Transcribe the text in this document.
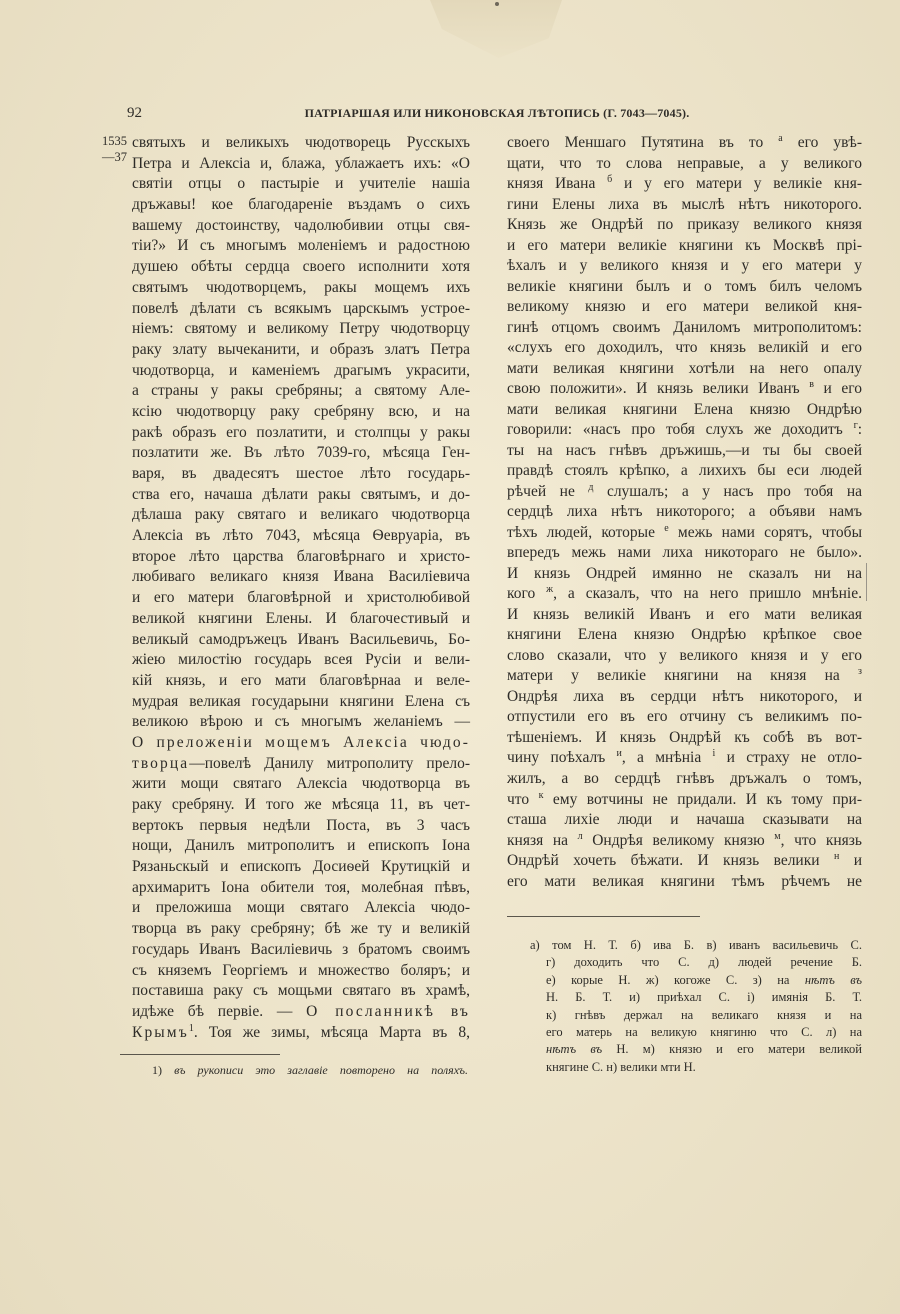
92	ПАТРІАРШАЯ ИЛИ НИКОНОВСКАЯ ЛѢТОПИСЬ (Г. 7043—7045).
1535
—37
святыхъ и великыхъ чюдотворець Русскыхъ
Петра и Алексіа и, блажа, ублажаетъ ихъ: «О
святіи отцы о пастыріе и учителіе нашіа
дръжавы! кое благодареніе въздамъ о сихъ
вашему достоинству, чадолюбивии отцы свя-
тіи?» И съ многымъ моленіемъ и радостною
душею обѣты сердца своего исполнити хотя
святымъ чюдотворцемъ, ракы мощемъ ихъ
повелѣ дѣлати съ всякымъ царскымъ устрое-
ніемъ: святому и великому Петру чюдотворцу
раку злату вычеканити, и образъ златъ Петра
чюдотворца, и каменіемъ драгымъ украсити,
а страны у ракы сребряны; а святому Але-
ксію чюдотворцу раку сребряну всю, и на
ракѣ образъ его позлатити, и столпцы у ракы
позлатити же. Въ лѣто 7039-го, мѣсяца Ген-
варя, въ двадесятъ шестое лѣто государь-
ства его, начаша дѣлати ракы святымъ, и до-
дѣлаша раку святаго и великаго чюдотворца
Алексіа въ лѣто 7043, мѣсяца Ѳевруаріа, въ
второе лѣто царства благовѣрнаго и христо-
любиваго великаго князя Ивана Василіевича
и его матери благовѣрной и христолюбивой
великой княгини Елены. И благочестивый и
великый самодръжецъ Иванъ Васильевичь, Бо-
жіею милостію государь всея Русіи и вели-
кій князь, и его мати благовѣрнаа и веле-
мудрая великая государыни княгини Елена съ
великою вѣрою и съ многымъ желаніемъ —
О преложеніи мощемъ Алексіа чюдо-
творца—повелѣ Данилу митрополиту прело-
жити мощи святаго Алексіа чюдотворца въ
раку сребряну. И того же мѣсяца 11, въ чет-
вертокъ первыя недѣли Поста, въ 3 часъ
нощи, Данилъ митрополитъ и епископъ Іона
Рязаньскый и епископъ Досиѳей Крутицкій и
архимаритъ Іона обители тоя, молебная пѣвъ,
и преложиша мощи святаго Алексіа чюдо-
творца въ раку сребряну; бѣ же ту и великій
государь Иванъ Василіевичь з братомъ своимъ
съ княземъ Георгіемъ и множество боляръ; и
поставиша раку съ мощьми святаго въ храмѣ,
идѣже бѣ первіе. — О посланникѣ въ
Крымъ$^1$. Тоя же зимы, мѣсяца Марта въ 8,
своего Меншаго Путятина въ то $^а$ его увѣ-
щати, что то слова неправые, а у великого
князя Ивана $^б$ и у его матери у великіе кня-
гини Елены лиха въ мыслѣ нѣтъ никоторого.
Князь же Ондрѣй по приказу великого князя
и его матери великіе княгини къ Москвѣ прі-
ѣхалъ и у великого князя и у его матери у
великіе княгини былъ и о томъ билъ челомъ
великому князю и его матери великой кня-
гинѣ отцомъ своимъ Даниломъ митрополитомъ:
«слухъ его доходилъ, что князь великій и его
мати великая княгини хотѣли на него опалу
свою положити». И князь велики Иванъ $^в$ и его
мати великая княгини Елена князю Ондрѣю
говорили: «насъ про тобя слухъ же доходитъ $^г$:
ты на насъ гнѣвъ дръжишь,—и ты бы своей
правдѣ стоялъ крѣпко, а лихихъ бы еси людей
рѣчей не $^д$ слушалъ; а у насъ про тобя на
сердцѣ лиха нѣтъ никоторого; а объяви намъ
тѣхъ людей, которые $^е$ межь нами сорятъ, чтобы
впередъ межь нами лиха никотораго не было».
И князь Ондрей имянно не сказалъ ни на
кого $^ж$, а сказалъ, что на него пришло мнѣніе.
И князь великій Иванъ и его мати великая
княгини Елена князю Ондрѣю крѣпкое свое
слово сказали, что у великого князя и у его
матери у великіе княгини на князя на $^з$
Ондрѣя лиха въ сердци нѣтъ никоторого, и
отпустили его въ его отчину съ великимъ по-
тѣшеніемъ. И князь Ондрѣй къ собѣ въ вот-
чину поѣхалъ $^и$, а мнѣніа $^і$ и страху не отло-
жилъ, а во сердцѣ гнѣвъ дръжалъ о томъ,
что $^к$ ему вотчины не придали. И къ тому при-
сташа лихіе люди и начаша сказывати на
князя на $^л$ Ондрѣя великому князю $^м$, что князь
Ондрѣй хочеть бѣжати. И князь велики $^н$ и
его мати великая княгини тѣмъ рѣчемъ не
1) въ рукописи это заглавіе повторено на поляхъ.
а) том Н. Т. б) ива Б. в) иванъ васильевичь С.
г) доходить что С. д) людей речение Б.
е) корые Н. ж) когоже С. з) на нѣтъ въ
Н. Б. Т. и) приѣхал С. і) имянія Б. Т.
к) гнѣвъ держал на великаго князя и на
его матерь на великую княгиню что С. л) на
нѣтъ въ Н. м) князю и его матери великой
княгине С. н) велики мти Н.
